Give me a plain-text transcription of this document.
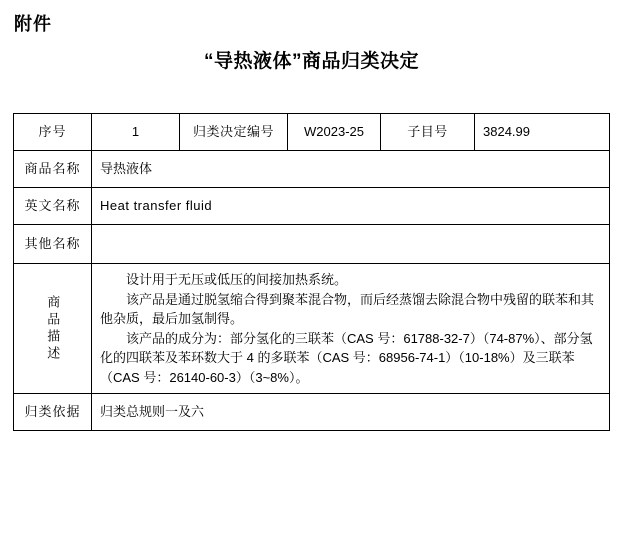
附件
“导热液体”商品归类决定
序号	1	归类决定编号	W2023-25	子目号	3824.99
商品名称	导热液体				
英文名称	Heat transfer fluid				
其他名称					

商品描述	设计用于无压或低压的间接加热系统。

该产品是通过脱氢缩合得到聚苯混合物，而后经蒸馏去除混合物中残留的联苯和其他杂质，最后加氢制得。

该产品的成分为：部分氢化的三联苯（CAS 号：61788-32-7）（74-87%）、部分氢化的四联苯及苯环数大于 4 的多联苯（CAS 号：68956-74-1）（10-18%）及三联苯（CAS 号：26140-60-3）（3~8%）。				

归类依据	归类总规则一及六				
